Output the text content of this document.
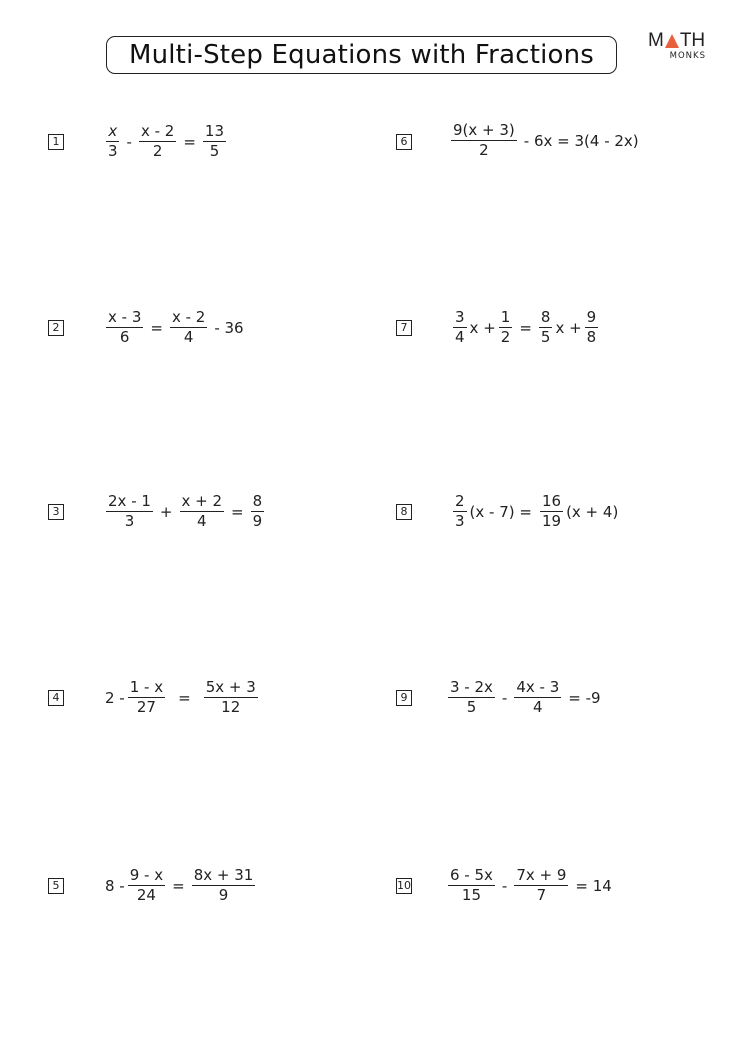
Multi-Step Equations with Fractions	M TH
MONKS
1	$\frac{x}{3} - \frac{x - 2}{2} = \frac{13}{5}$
2	$\frac{x - 3}{6} = \frac{x - 2}{4} - 36$
3	$\frac{2x - 1}{3} + \frac{x + 2}{4} = \frac{8}{9}$
4	$2 - \frac{1 - x}{27} = \frac{5x + 3}{12}$
5	$8 - \frac{9 - x}{24} = \frac{8x + 31}{9}$
6	$\frac{9(x + 3)}{2} - 6x = 3(4 - 2x)$
7	$\frac{3}{4}$ $x + \frac{1}{2} = \frac{8}{5}$ $x + \frac{9}{8}$
8	$\frac{2}{3} (x - 7) = \frac{16}{19} (x + 4)$
9	$\frac{3 - 2x}{5} - \frac{4x - 3}{4} = -9$
$10 \frac{6 - 5x}{15} - \frac{7x + 9}{7} = 14$
